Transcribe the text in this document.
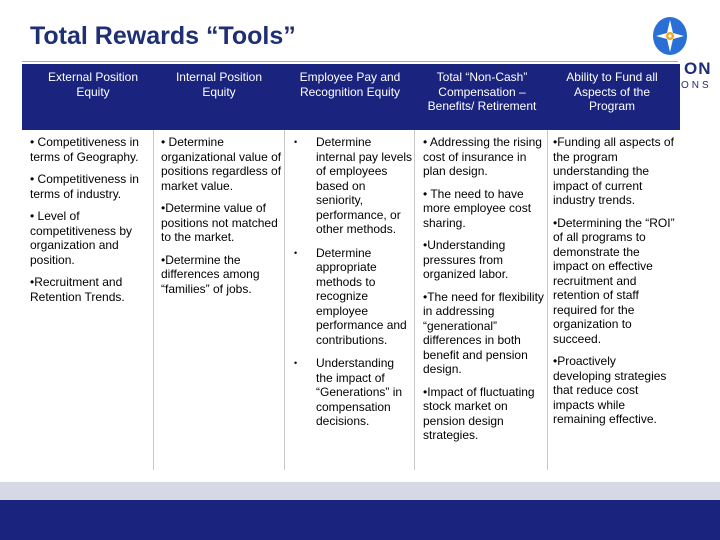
Total Rewards “Tools”
ON
ONS
External Position Equity
Internal Position Equity
Employee Pay and Recognition Equity
Total “Non-Cash” Compensation – Benefits/ Retirement
Ability to Fund all Aspects of the Program

• Competitiveness in terms of Geography.

• Competitiveness in terms of industry.

• Level of competitiveness by organization and position.

•Recruitment and Retention Trends.

• Determine organizational value of positions regardless of market value.

•Determine value of positions not matched to the market.

•Determine the differences among “families” of jobs.

• Determine internal pay levels of employees based on seniority, performance, or other methods.
• Determine appropriate methods to recognize employee performance and contributions.
• Understanding the impact of “Generations” in compensation decisions.

• Addressing the rising cost of insurance in plan design.

• The need to have more employee cost sharing.

•Understanding pressures from organized labor.

•The need for flexibility in addressing “generational” differences in both benefit and pension design.

•Impact of fluctuating stock market on pension design strategies.

•Funding all aspects of the program understanding the impact of current industry trends.

•Determining the “ROI” of all programs to demonstrate the impact on effective recruitment and retention of staff required for the organization to succeed.

•Proactively developing strategies that reduce cost impacts while remaining effective.
